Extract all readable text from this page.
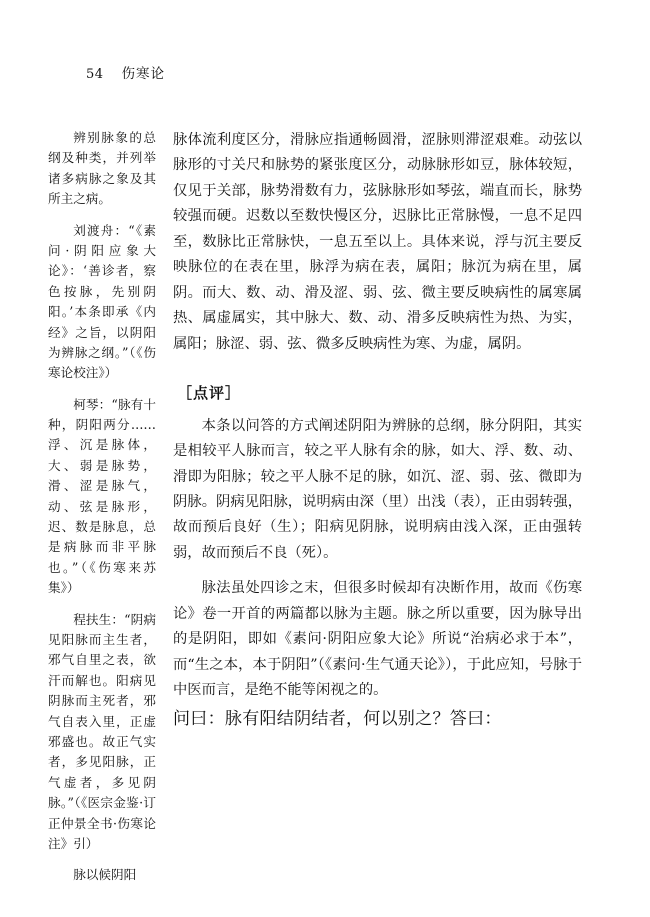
54 伤寒论

辨别脉象的总纲及种类，并列举诸多病脉之象及其所主之病。

刘渡舟：“《素问·阴阳应象大论》：‘善诊者，察色按脉，先别阴阳。’本条即承《内经》之旨，以阴阳为辨脉之纲。”（《伤寒论校注》）

柯琴：“脉有十种，阴阳两分……浮、沉是脉体，大、弱是脉势，滑、涩是脉气，动、弦是脉形，迟、数是脉息，总是病脉而非平脉也。”（《伤寒来苏集》）

程扶生：“阴病见阳脉而主生者，邪气自里之表，欲汗而解也。阳病见阴脉而主死者，邪气自表入里，正虚邪盛也。故正气实者，多见阳脉，正气虚者，多见阴脉。”（《医宗金鉴·订正仲景全书·伤寒论注》引）

脉以候阴阳

脉体流利度区分，滑脉应指通畅圆滑，涩脉则滞涩艰难。动弦以脉形的寸关尺和脉势的紧张度区分，动脉脉形如豆，脉体较短，仅见于关部，脉势滑数有力，弦脉脉形如琴弦，端直而长，脉势较强而硬。迟数以至数快慢区分，迟脉比正常脉慢，一息不足四至，数脉比正常脉快，一息五至以上。具体来说，浮与沉主要反映脉位的在表在里，脉浮为病在表，属阳；脉沉为病在里，属阴。而大、数、动、滑及涩、弱、弦、微主要反映病性的属寒属热、属虚属实，其中脉大、数、动、滑多反映病性为热、为实，属阳；脉涩、弱、弦、微多反映病性为寒、为虚，属阴。

［点评］

本条以问答的方式阐述阴阳为辨脉的总纲，脉分阴阳，其实是相较平人脉而言，较之平人脉有余的脉，如大、浮、数、动、滑即为阳脉；较之平人脉不足的脉，如沉、涩、弱、弦、微即为阴脉。阴病见阳脉，说明病由深（里）出浅（表），正由弱转强，故而预后良好（生）；阳病见阴脉，说明病由浅入深，正由强转弱，故而预后不良（死）。

脉法虽处四诊之末，但很多时候却有决断作用，故而《伤寒论》卷一开首的两篇都以脉为主题。脉之所以重要，因为脉导出的是阴阳，即如《素问·阴阳应象大论》所说“治病必求于本”，而“生之本，本于阴阳”（《素问·生气通天论》），于此应知，号脉于中医而言，是绝不能等闲视之的。

问曰：脉有阳结阴结者，何以别之？答曰：
